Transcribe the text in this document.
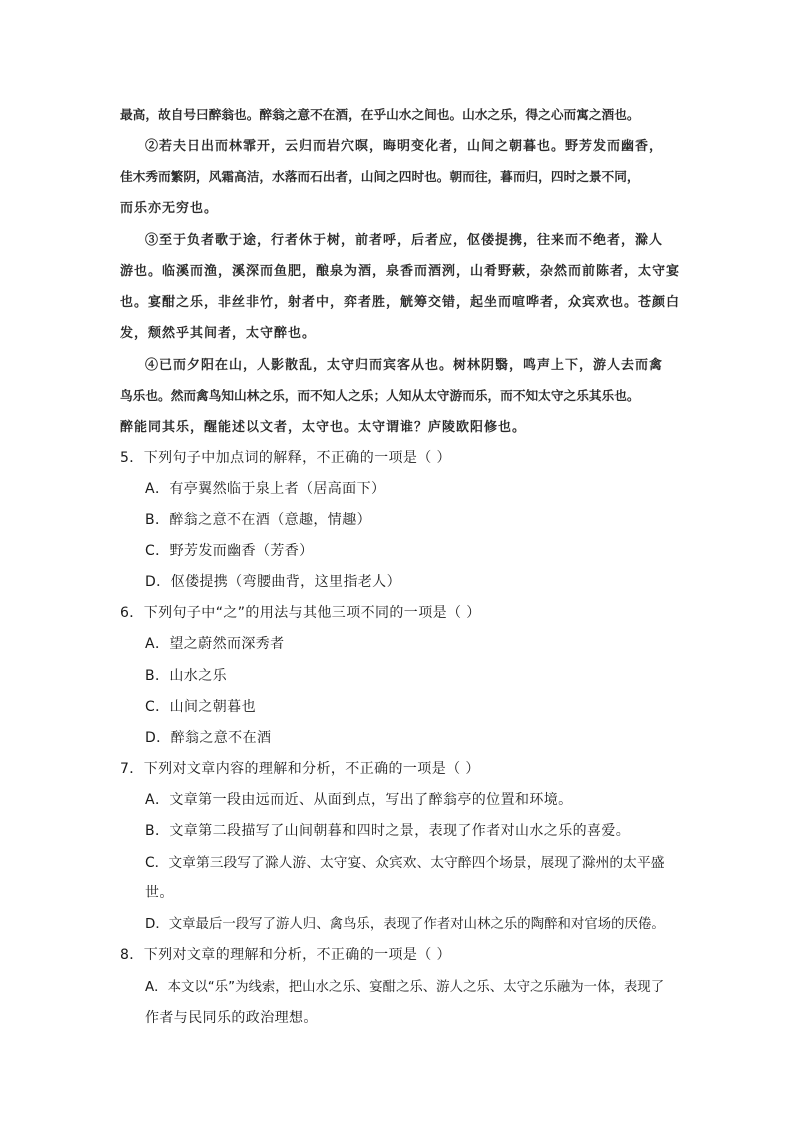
最高，故自号曰醉翁也。醉翁之意不在酒，在乎山水之间也。山水之乐，得之心而寓之酒也。
②若夫日出而林霏开，云归而岩穴暝，晦明变化者，山间之朝暮也。野芳发而幽香，
佳木秀而繁阴，风霜高洁，水落而石出者，山间之四时也。朝而往，暮而归，四时之景不同，
而乐亦无穷也。
③至于负者歌于途，行者休于树，前者呼，后者应，伛偻提携，往来而不绝者，滁人
游也。临溪而渔，溪深而鱼肥，酿泉为酒，泉香而酒洌，山肴野蔌，杂然而前陈者，太守宴
也。宴酣之乐，非丝非竹，射者中，弈者胜，觥筹交错，起坐而喧哗者，众宾欢也。苍颜白
发，颓然乎其间者，太守醉也。
④已而夕阳在山，人影散乱，太守归而宾客从也。树林阴翳，鸣声上下，游人去而禽
鸟乐也。然而禽鸟知山林之乐，而不知人之乐；人知从太守游而乐，而不知太守之乐其乐也。
醉能同其乐，醒能述以文者，太守也。太守谓谁？庐陵欧阳修也。
5．下列句子中加点词的解释，不正确的一项是（ ）
A．有亭翼然临于泉上者（居高面下）
B．醉翁之意不在酒（意趣，情趣）
C．野芳发而幽香（芳香）
D．伛偻提携（弯腰曲背，这里指老人）
6．下列句子中“之”的用法与其他三项不同的一项是（ ）
A．望之蔚然而深秀者
B．山水之乐
C．山间之朝暮也
D．醉翁之意不在酒
7．下列对文章内容的理解和分析，不正确的一项是（ ）
A．文章第一段由远而近、从面到点，写出了醉翁亭的位置和环境。
B．文章第二段描写了山间朝暮和四时之景，表现了作者对山水之乐的喜爱。
C．文章第三段写了滁人游、太守宴、众宾欢、太守醉四个场景，展现了滁州的太平盛
世。
D．文章最后一段写了游人归、禽鸟乐，表现了作者对山林之乐的陶醉和对官场的厌倦。
8．下列对文章的理解和分析，不正确的一项是（ ）
A．本文以“乐”为线索，把山水之乐、宴酣之乐、游人之乐、太守之乐融为一体，表现了
作者与民同乐的政治理想。
